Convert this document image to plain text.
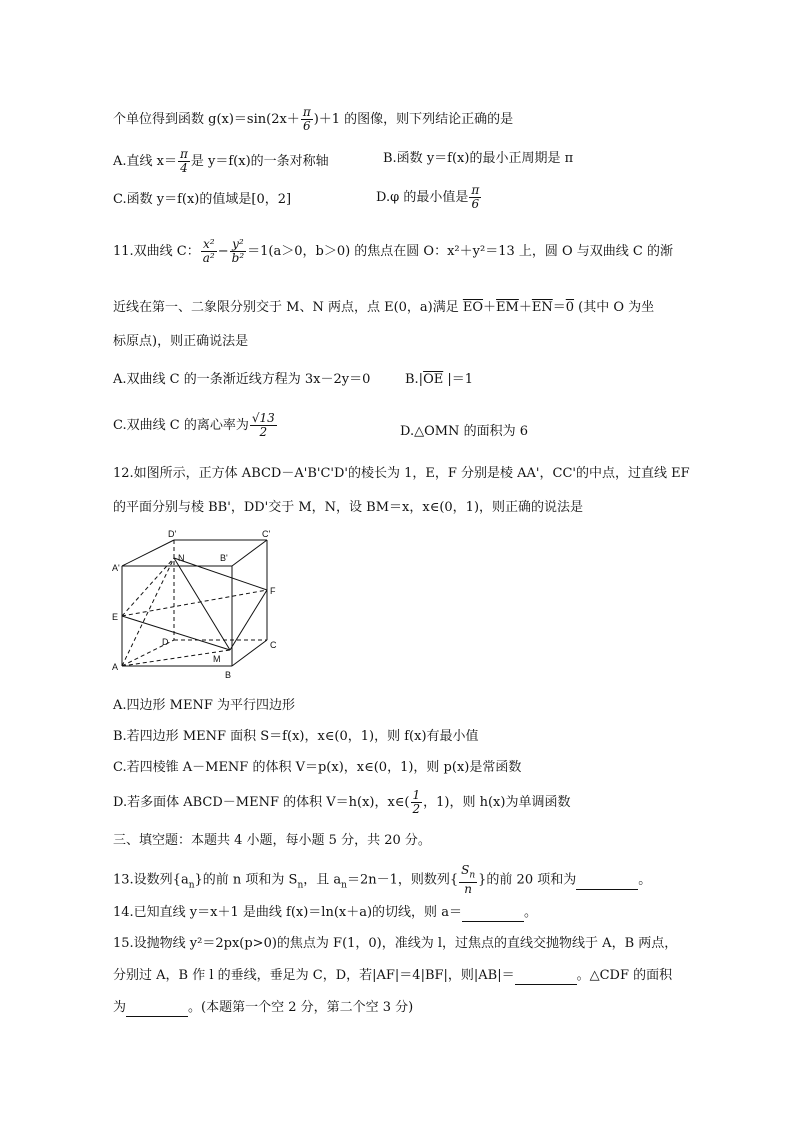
个单位得到函数 $g(x)=\sin(2x+ \frac{\pi}{6} )+1$ 的图像，则下列结论正确的是
A.直线 $x= \frac{\pi}{4}$ 是 y＝f(x)的一条对称轴	B.函数 y＝f(x)的最小正周期是 π
C.函数 y＝f(x)的值域是[0，2]	D.φ 的最小值是 $\frac{\pi}{6}$
11.双曲线 C： $\frac{\text{x²}}{\text{a²}} - \frac{\text{y²}}{\text{b²}} =1(a>0$，b＞0) 的焦点在圆 O：x²＋y²＝13 上，圆 O 与双曲线 C 的渐
近线在第一、二象限分别交于 M、N 两点，点 E(0，a)满足 $\overline{EO}+\overline{EM}+\overline{EN}=0$ (其中 O 为坐
标原点)，则正确说法是
A.双曲线 C 的一条渐近线方程为 3x－2y＝0	$B.|\overline{OE}$ |＝1
C.双曲线 C 的离心率为 $\frac{√13}{2}$	D.△OMN 的面积为 6
12.如图所示，正方体 ABCD－A'B'C'D'的棱长为 1，E，F 分别是棱 AA'，CC'的中点，过直线 EF
的平面分别与棱 BB'，DD'交于 M，N，设 BM＝x，x∈(0，1)，则正确的说法是
D'	C'
A'
B'
N
F
E
D	C
M
A
B
A.四边形 MENF 为平行四边形
B.若四边形 MENF 面积 S＝f(x)，x∈(0，1)，则 f(x)有最小值
C.若四棱锥 A－MENF 的体积 V＝p(x)，x∈(0，1)，则 p(x)是常函数
D.若多面体 ABCD－MENF 的体积 V＝h(x)，x∈( $\frac{1}{2}$ ，1)，则 h(x)为单调函数
三、填空题：本题共 4 小题，每小题 5 分，共 20 分。
13.设数列$\{a_n\}$的前 n 项和为 $S_n$，且 $a_n=2n-1$，则数列{ $\frac{S_n}{n}$ }的前 20 项和为	。
14.已知直线 y＝x＋1 是曲线 f(x)＝ln(x＋a)的切线，则 a＝	。
15.设抛物线 y²＝2px(p>0)的焦点为 F(1，0)，准线为 l，过焦点的直线交抛物线于 A，B 两点，
分别过 A，B 作 l 的垂线，垂足为 C，D，若|AF|＝4|BF|，则|AB|＝	。△CDF 的面积
为	。(本题第一个空 2 分，第二个空 3 分)
